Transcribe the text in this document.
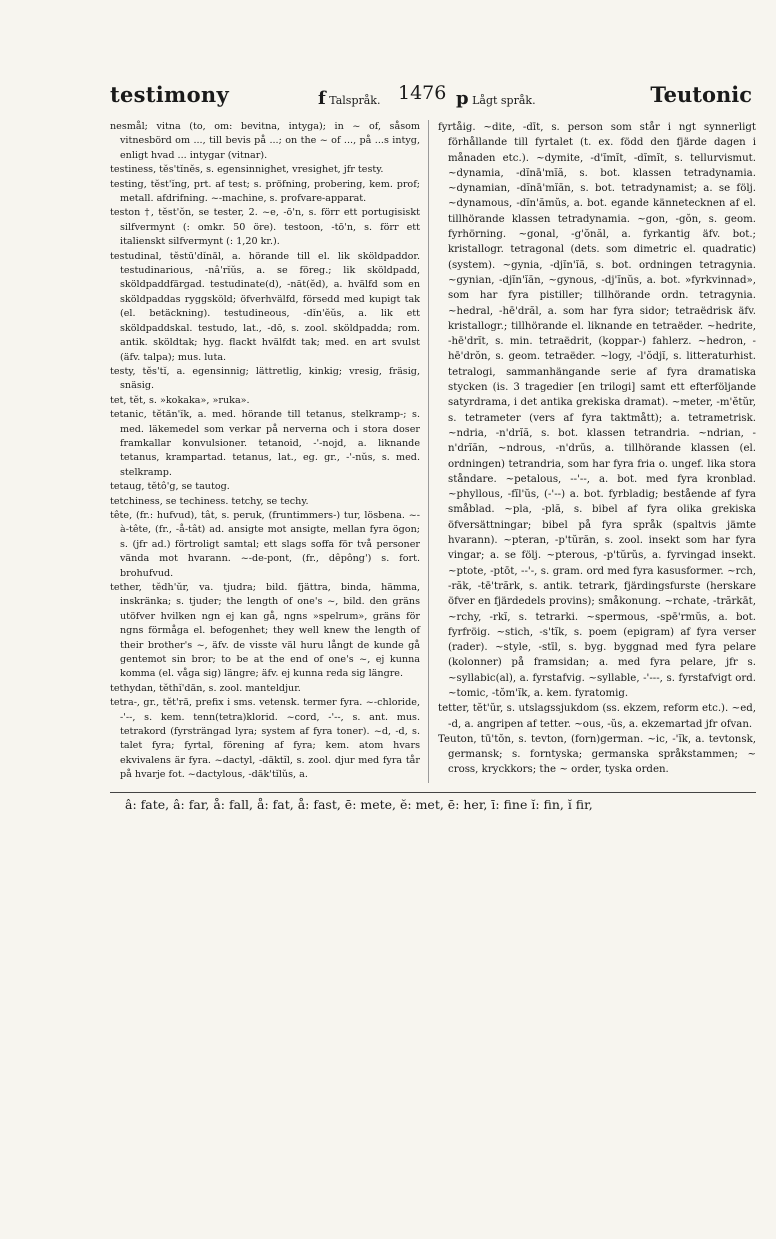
testimony	f Talspråk. 1476 p Lågt språk.	Teutonic

nesmål; vitna (to, om: bevitna, intyga); in ~ of, såsom vitnesbörd om ..., till bevis på ...; on the ~ of ..., på ...s intyg, enligt hvad ... intygar (vitnar).

testiness, tĕs'tĭnĕs, s. egensinnighet, vresighet, jfr testy.

testing, tĕst'ĭng, prt. af test; s. pröfning, probering, kem. prof; metall. afdrifning. ~-machine, s. profvare-apparat.

teston †, tĕst'ŏn, se tester, 2. ~e, -ō'n, s. förr ett portugisiskt silfvermynt (: omkr. 50 öre). testoon, -tō'n, s. förr ett italienskt silfvermynt (: 1,20 kr.).

testudinal, tĕstū'dĭnăl, a. hörande till el. lik sköldpaddor. testudinarious, -nâ'rĭŭs, a. se föreg.; lik sköldpadd, sköldpaddfärgad. testudinate(d), -nāt(ĕd), a. hvälfd som en sköldpaddas ryggsköld; öfverhvälfd, försedd med kupigt tak (el. betäckning). testudineous, -dĭn'ĕŭs, a. lik ett sköldpaddskal. testudo, lat., -dō, s. zool. sköldpadda; rom. antik. sköldtak; hyg. flackt hvälfdt tak; med. en art svulst (äfv. talpa); mus. luta.

testy, tĕs'tĭ, a. egensinnig; lättretlig, kinkig; vresig, fräsig, snäsig.

tet, tĕt, s. »kokaka», »ruka».

tetanic, tĕtăn'ĭk, a. med. hörande till tetanus, stelkramp-; s. med. läkemedel som verkar på nerverna och i stora doser framkallar konvulsioner. tetanoid, -'-nojd, a. liknande tetanus, krampartad. tetanus, lat., eg. gr., -'-nŭs, s. med. stelkramp.

tetaug, tĕtô'g, se tautog.

tetchiness, se techiness. tetchy, se techy.

tête, (fr.: hufvud), tât, s. peruk, (fruntimmers-) tur, lösbena. ~-à-tête, (fr., -å-tât) ad. ansigte mot ansigte, mellan fyra ögon; s. (jfr ad.) förtroligt samtal; ett slags soffa för två personer vända mot hvarann. ~-de-pont, (fr., dêpông') s. fort. brohufvud.

tether, tĕdh'ŭr, va. tjudra; bild. fjättra, binda, hämma, inskränka; s. tjuder; the length of one's ~, bild. den gräns utöfver hvilken ngn ej kan gå, ngns »spelrum», gräns för ngns förmåga el. befogenhet; they well knew the length of their brother's ~, äfv. de visste väl huru långt de kunde gå gentemot sin bror; to be at the end of one's ~, ej kunna komma (el. våga sig) längre; äfv. ej kunna reda sig längre.

tethydan, tĕthĭ'dăn, s. zool. manteldjur.

tetra-, gr., tĕt'ră, prefix i sms. vetensk. termer fyra. ~-chloride, -'--, s. kem. tenn(tetra)klorid. ~cord, -'--, s. ant. mus. tetrakord (fyrsträngad lyra; system af fyra toner). ~d, -d, s. talet fyra; fyrtal, förening af fyra; kem. atom hvars ekvivalens är fyra. ~dactyl, -dăktĭl, s. zool. djur med fyra tår på hvarje fot. ~dactylous, -dăk'tĭlŭs, a.

fyrtåig. ~dite, -dīt, s. person som står i ngt synnerligt förhållande till fyrtalet (t. ex. född den fjärde dagen i månaden etc.). ~dymite, -d'ĭmĭt, -dĭmĭt, s. tellurvismut. ~dynamia, -dĭnā'mĭă, s. bot. klassen tetradynamia. ~dynamian, -dĭnā'mĭăn, s. bot. tetradynamist; a. se följ. ~dynamous, -dĭn'ămŭs, a. bot. egande kännetecknen af el. tillhörande klassen tetradynamia. ~gon, -gŏn, s. geom. fyrhörning. ~gonal, -g'ŏnăl, a. fyrkantig äfv. bot.; kristallogr. tetragonal (dets. som dimetric el. quadratic) (system). ~gynia, -djĭn'ĭă, s. bot. ordningen tetragynia. ~gynian, -djĭn'ĭăn, ~gynous, -dj'ĭnŭs, a. bot. »fyrkvinnad», som har fyra pistiller; tillhörande ordn. tetragynia. ~hedral, -hē'drăl, a. som har fyra sidor; tetraëdrisk äfv. kristallogr.; tillhörande el. liknande en tetraëder. ~hedrite, -hē'drĭt, s. min. tetraëdrit, (koppar-) fahlerz. ~hedron, -hē'drŏn, s. geom. tetraëder. ~logy, -l'ŏdjĭ, s. litteraturhist. tetralogi, sammanhängande serie af fyra dramatiska stycken (is. 3 tragedier [en trilogi] samt ett efterföljande satyrdrama, i det antika grekiska dramat). ~meter, -m'ĕtŭr, s. tetrameter (vers af fyra taktmått); a. tetrametrisk. ~ndria, -n'drĭă, s. bot. klassen tetrandria. ~ndrian, -n'drĭăn, ~ndrous, -n'drŭs, a. tillhörande klassen (el. ordningen) tetrandria, som har fyra fria o. ungef. lika stora ståndare. ~petalous, --'--, a. bot. med fyra kronblad. ~phyllous, -fĭl'ŭs, (-'--) a. bot. fyrbladig; bestående af fyra småblad. ~pla, -plă, s. bibel af fyra olika grekiska öfversättningar; bibel på fyra språk (spaltvis jämte hvarann). ~pteran, -p'tŭrăn, s. zool. insekt som har fyra vingar; a. se följ. ~pterous, -p'tŭrŭs, a. fyrvingad insekt. ~ptote, -ptōt, --'-, s. gram. ord med fyra kasusformer. ~rch, -răk, -tē'trărk, s. antik. tetrark, fjärdingsfurste (herskare öfver en fjärdedels provins); småkonung. ~rchate, -trărkāt, ~rchy, -rkĭ, s. tetrarki. ~spermous, -spē'rmŭs, a. bot. fyrfröig. ~stich, -s'tĭk, s. poem (epigram) af fyra verser (rader). ~style, -stīl, s. byg. byggnad med fyra pelare (kolonner) på framsidan; a. med fyra pelare, jfr s. ~syllabic(al), a. fyrstafvig. ~syllable, -'---, s. fyrstafvigt ord. ~tomic, -tŏm'ĭk, a. kem. fyratomig.

tetter, tĕt'ŭr, s. utslagssjukdom (ss. ekzem, reform etc.). ~ed, -d, a. angripen af tetter. ~ous, -ŭs, a. ekzemartad jfr ofvan.

Teuton, tū'tŏn, s. tevton, (forn)german. ~ic, -'ĭk, a. tevtonsk, germansk; s. forntyska; germanska språkstammen; ~ cross, kryckkors; the ~ order, tyska orden.

â: fate, â: far, å: fall, å: fat, å: fast, ē: mete, ĕ: met, ē: her, ī: fine ĭ: fin, ĭ fir,
